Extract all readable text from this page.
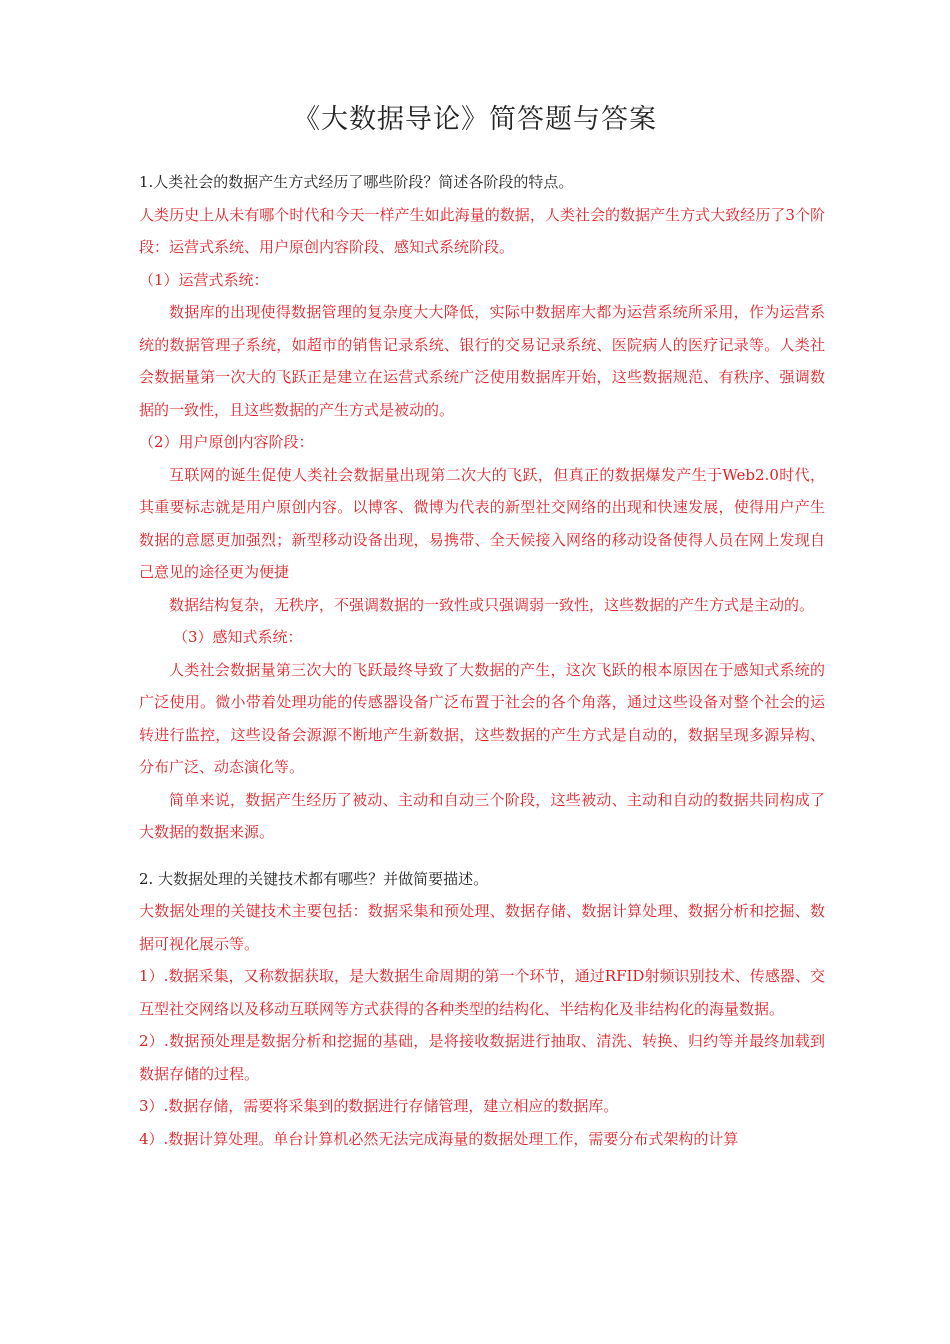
《大数据导论》简答题与答案

1.人类社会的数据产生方式经历了哪些阶段？简述各阶段的特点。

人类历史上从未有哪个时代和今天一样产生如此海量的数据，人类社会的数据产生方式大致经历了3个阶段：运营式系统、用户原创内容阶段、感知式系统阶段。

（1）运营式系统：

数据库的出现使得数据管理的复杂度大大降低，实际中数据库大都为运营系统所采用，作为运营系统的数据管理子系统，如超市的销售记录系统、银行的交易记录系统、医院病人的医疗记录等。人类社会数据量第一次大的飞跃正是建立在运营式系统广泛使用数据库开始，这些数据规范、有秩序、强调数据的一致性，且这些数据的产生方式是被动的。

（2）用户原创内容阶段：

互联网的诞生促使人类社会数据量出现第二次大的飞跃，但真正的数据爆发产生于Web2.0时代，其重要标志就是用户原创内容。以博客、微博为代表的新型社交网络的出现和快速发展，使得用户产生数据的意愿更加强烈；新型移动设备出现，易携带、全天候接入网络的移动设备使得人员在网上发现自己意见的途径更为便捷

数据结构复杂，无秩序，不强调数据的一致性或只强调弱一致性，这些数据的产生方式是主动的。

（3）感知式系统：

人类社会数据量第三次大的飞跃最终导致了大数据的产生，这次飞跃的根本原因在于感知式系统的广泛使用。微小带着处理功能的传感器设备广泛布置于社会的各个角落，通过这些设备对整个社会的运转进行监控，这些设备会源源不断地产生新数据，这些数据的产生方式是自动的，数据呈现多源异构、分布广泛、动态演化等。

简单来说，数据产生经历了被动、主动和自动三个阶段，这些被动、主动和自动的数据共同构成了大数据的数据来源。

2. 大数据处理的关键技术都有哪些？并做简要描述。

大数据处理的关键技术主要包括：数据采集和预处理、数据存储、数据计算处理、数据分析和挖掘、数据可视化展示等。

1）.数据采集，又称数据获取，是大数据生命周期的第一个环节，通过RFID射频识别技术、传感器、交互型社交网络以及移动互联网等方式获得的各种类型的结构化、半结构化及非结构化的海量数据。

2）.数据预处理是数据分析和挖掘的基础，是将接收数据进行抽取、清洗、转换、归约等并最终加载到数据存储的过程。

3）.数据存储，需要将采集到的数据进行存储管理，建立相应的数据库。

4）.数据计算处理。单台计算机必然无法完成海量的数据处理工作，需要分布式架构的计算
